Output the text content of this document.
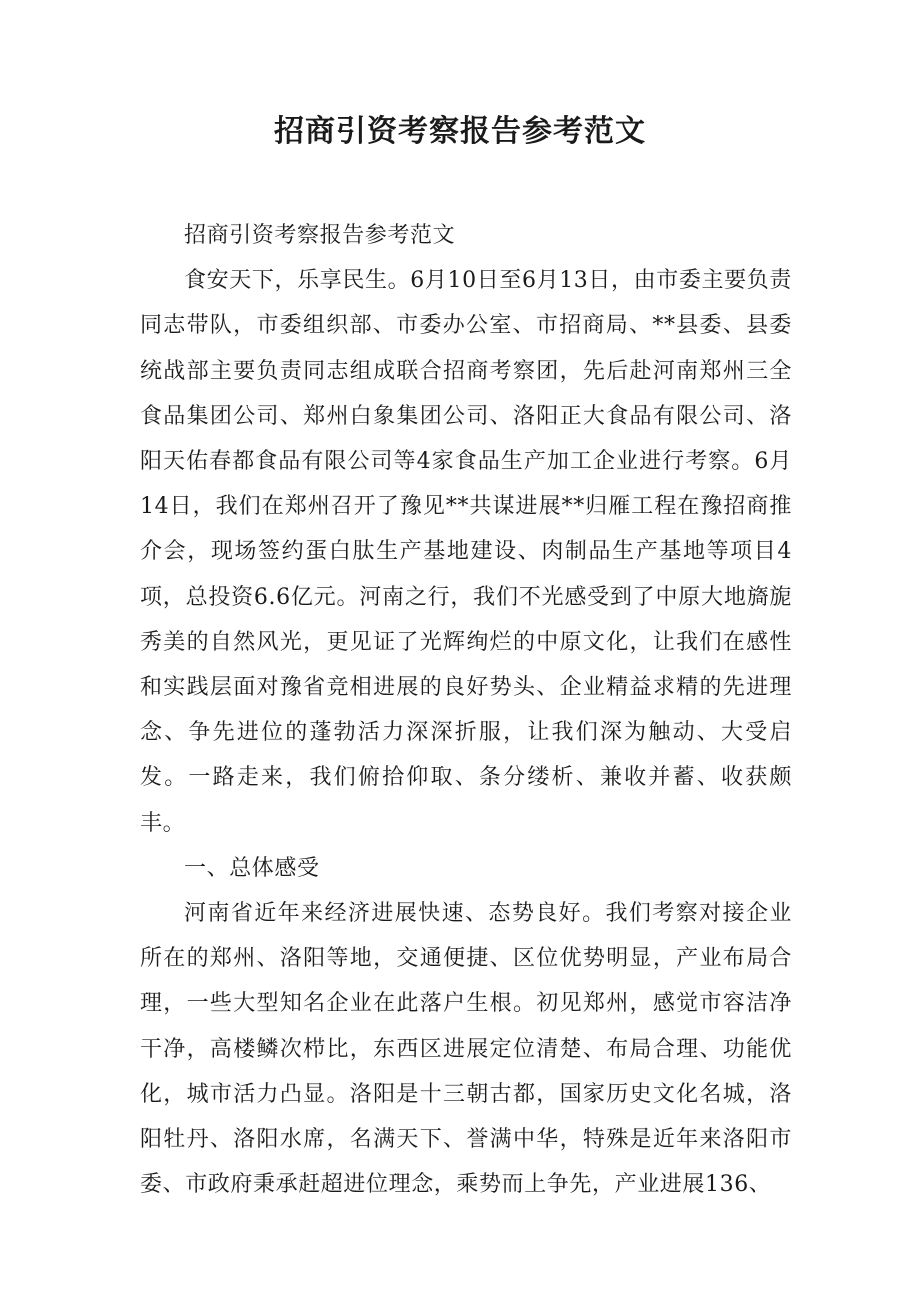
招商引资考察报告参考范文

招商引资考察报告参考范文

食安天下，乐享民生。6月10日至6月13日，由市委主要负责同志带队，市委组织部、市委办公室、市招商局、**县委、县委统战部主要负责同志组成联合招商考察团，先后赴河南郑州三全食品集团公司、郑州白象集团公司、洛阳正大食品有限公司、洛阳天佑春都食品有限公司等4家食品生产加工企业进行考察。6月14日，我们在郑州召开了豫见**共谋进展**归雁工程在豫招商推介会，现场签约蛋白肽生产基地建设、肉制品生产基地等项目4项，总投资6.6亿元。河南之行，我们不光感受到了中原大地旖旎秀美的自然风光，更见证了光辉绚烂的中原文化，让我们在感性和实践层面对豫省竞相进展的良好势头、企业精益求精的先进理念、争先进位的蓬勃活力深深折服，让我们深为触动、大受启发。一路走来，我们俯拾仰取、条分缕析、兼收并蓄、收获颇丰。

一、总体感受

河南省近年来经济进展快速、态势良好。我们考察对接企业所在的郑州、洛阳等地，交通便捷、区位优势明显，产业布局合理，一些大型知名企业在此落户生根。初见郑州，感觉市容洁净干净，高楼鳞次栉比，东西区进展定位清楚、布局合理、功能优化，城市活力凸显。洛阳是十三朝古都，国家历史文化名城，洛阳牡丹、洛阳水席，名满天下、誉满中华，特殊是近年来洛阳市委、市政府秉承赶超进位理念，乘势而上争先，产业进展136、
